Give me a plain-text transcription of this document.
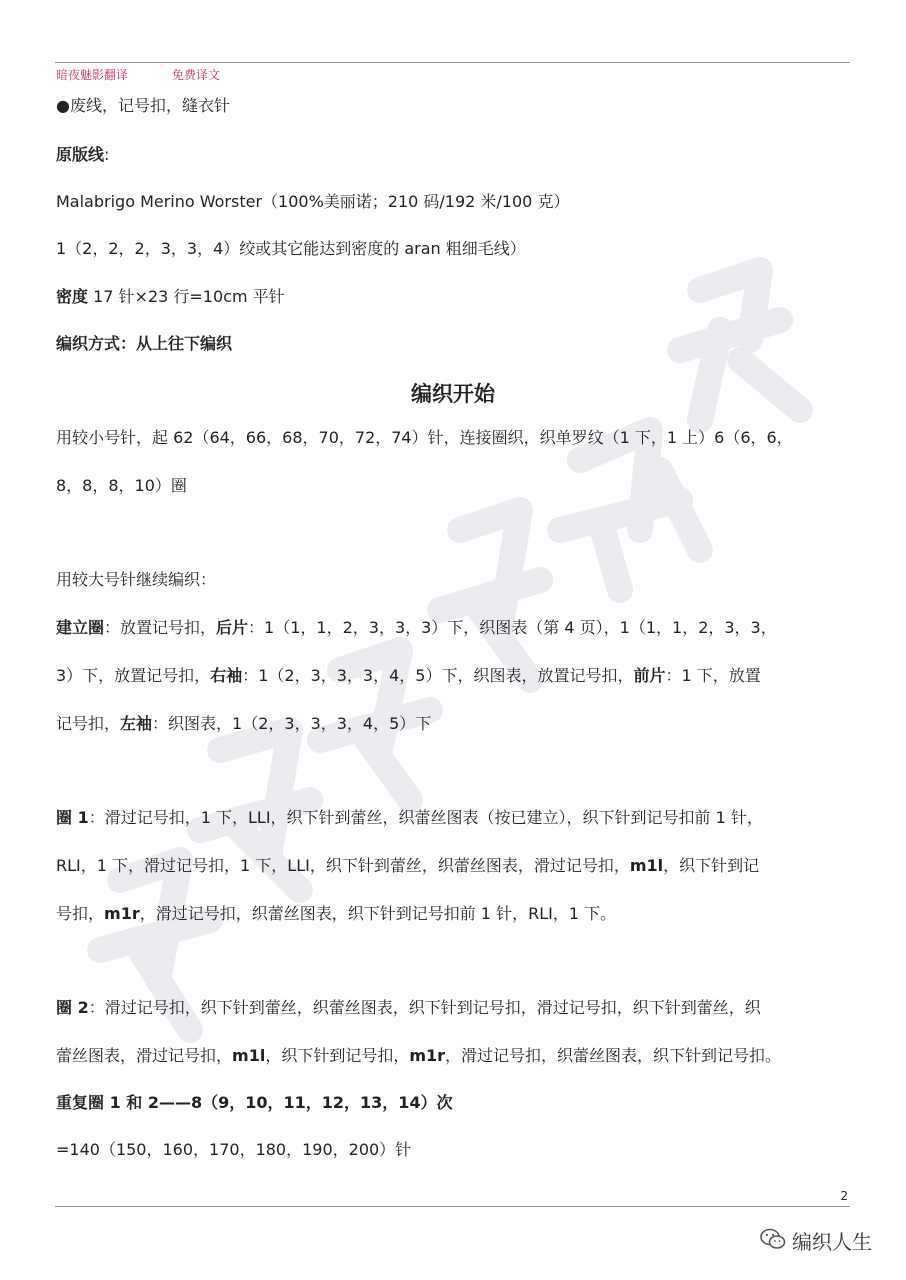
暗夜魅影翻译	免费译文
●废线，记号扣，缝衣针
原版线:
Malabrigo Merino Worster（100%美丽诺；210 码/192 米/100 克）
1（2，2，2，3，3，4）绞或其它能达到密度的 aran 粗细毛线）
密度 17 针×23 行=10cm 平针
编织方式：从上往下编织
编织开始
用较小号针，起 62（64，66，68，70，72，74）针，连接圈织，织单罗纹（1 下，1 上）6（6，6，
8，8，8，10）圈
用较大号针继续编织：
建立圈：放置记号扣，后片：1（1，1，2，3，3，3）下，织图表（第 4 页），1（1，1，2，3，3，
3）下，放置记号扣，右袖：1（2，3，3，3，4，5）下，织图表，放置记号扣，前片：1 下，放置
记号扣，左袖：织图表，1（2，3，3，3，4，5）下
圈 1：滑过记号扣，1 下，LLI，织下针到蕾丝，织蕾丝图表（按已建立），织下针到记号扣前 1 针，
RLI，1 下，滑过记号扣，1 下，LLI，织下针到蕾丝，织蕾丝图表，滑过记号扣，m1l，织下针到记
号扣，m1r，滑过记号扣，织蕾丝图表，织下针到记号扣前 1 针，RLI，1 下。
圈 2：滑过记号扣，织下针到蕾丝，织蕾丝图表，织下针到记号扣，滑过记号扣，织下针到蕾丝，织
蕾丝图表，滑过记号扣，m1l，织下针到记号扣，m1r，滑过记号扣，织蕾丝图表，织下针到记号扣。
重复圈 1 和 2——8（9，10，11，12，13，14）次
=140（150，160，170，180，190，200）针
2
编织人生
